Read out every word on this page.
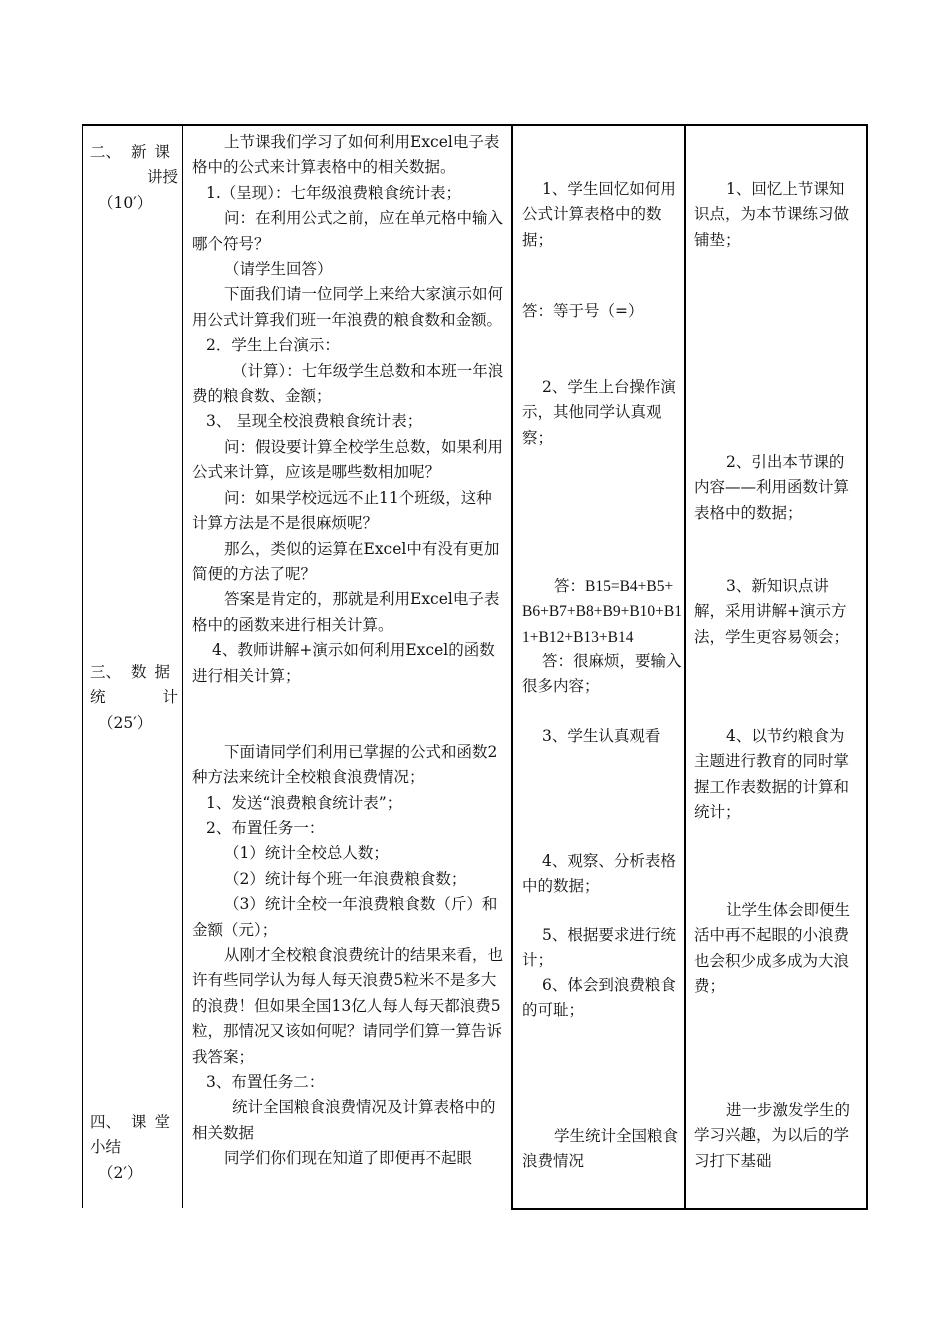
二、 新课

讲授

（10′）

三、 数据

统	计

（25′）

四、 课堂

小结

（2′）

上节课我们学习了如何利用Excel电子表格中的公式来计算表格中的相关数据。

1.（呈现）：七年级浪费粮食统计表；

问：在利用公式之前，应在单元格中输入哪个符号？

（请学生回答）

下面我们请一位同学上来给大家演示如何用公式计算我们班一年浪费的粮食数和金额。

2．学生上台演示：

（计算）：七年级学生总数和本班一年浪费的粮食数、金额；

3、 呈现全校浪费粮食统计表；

问：假设要计算全校学生总数，如果利用公式来计算，应该是哪些数相加呢？

问：如果学校远远不止11个班级，这种计算方法是不是很麻烦呢？

那么，类似的运算在Excel中有没有更加简便的方法了呢？

答案是肯定的，那就是利用Excel电子表格中的函数来进行相关计算。

4、教师讲解+演示如何利用Excel的函数进行相关计算；

下面请同学们利用已掌握的公式和函数2种方法来统计全校粮食浪费情况；

1、发送“浪费粮食统计表”；

2、布置任务一：

（1）统计全校总人数；

（2）统计每个班一年浪费粮食数；

（3）统计全校一年浪费粮食数（斤）和金额（元）；

从刚才全校粮食浪费统计的结果来看，也许有些同学认为每人每天浪费5粒米不是多大的浪费！但如果全国13亿人每人每天都浪费5粒，那情况又该如何呢？请同学们算一算告诉我答案；

3、布置任务二：

统计全国粮食浪费情况及计算表格中的相关数据

同学们你们现在知道了即便再不起眼

1、学生回忆如何用公式计算表格中的数据；

答：等于号（=）

2、学生上台操作演示，其他同学认真观察；

答：B15=B4+B5+B6+B7+B8+B9+B10+B11+B12+B13+B14

答：很麻烦，要输入很多内容；

3、学生认真观看

4、观察、分析表格中的数据；

5、根据要求进行统计；

6、体会到浪费粮食的可耻；

学生统计全国粮食浪费情况

1、回忆上节课知识点，为本节课练习做铺垫；

2、引出本节课的内容——利用函数计算表格中的数据；

3、新知识点讲解，采用讲解+演示方法，学生更容易领会；

4、以节约粮食为主题进行教育的同时掌握工作表数据的计算和统计；

让学生体会即便生活中再不起眼的小浪费也会积少成多成为大浪费；

进一步激发学生的学习兴趣，为以后的学习打下基础
